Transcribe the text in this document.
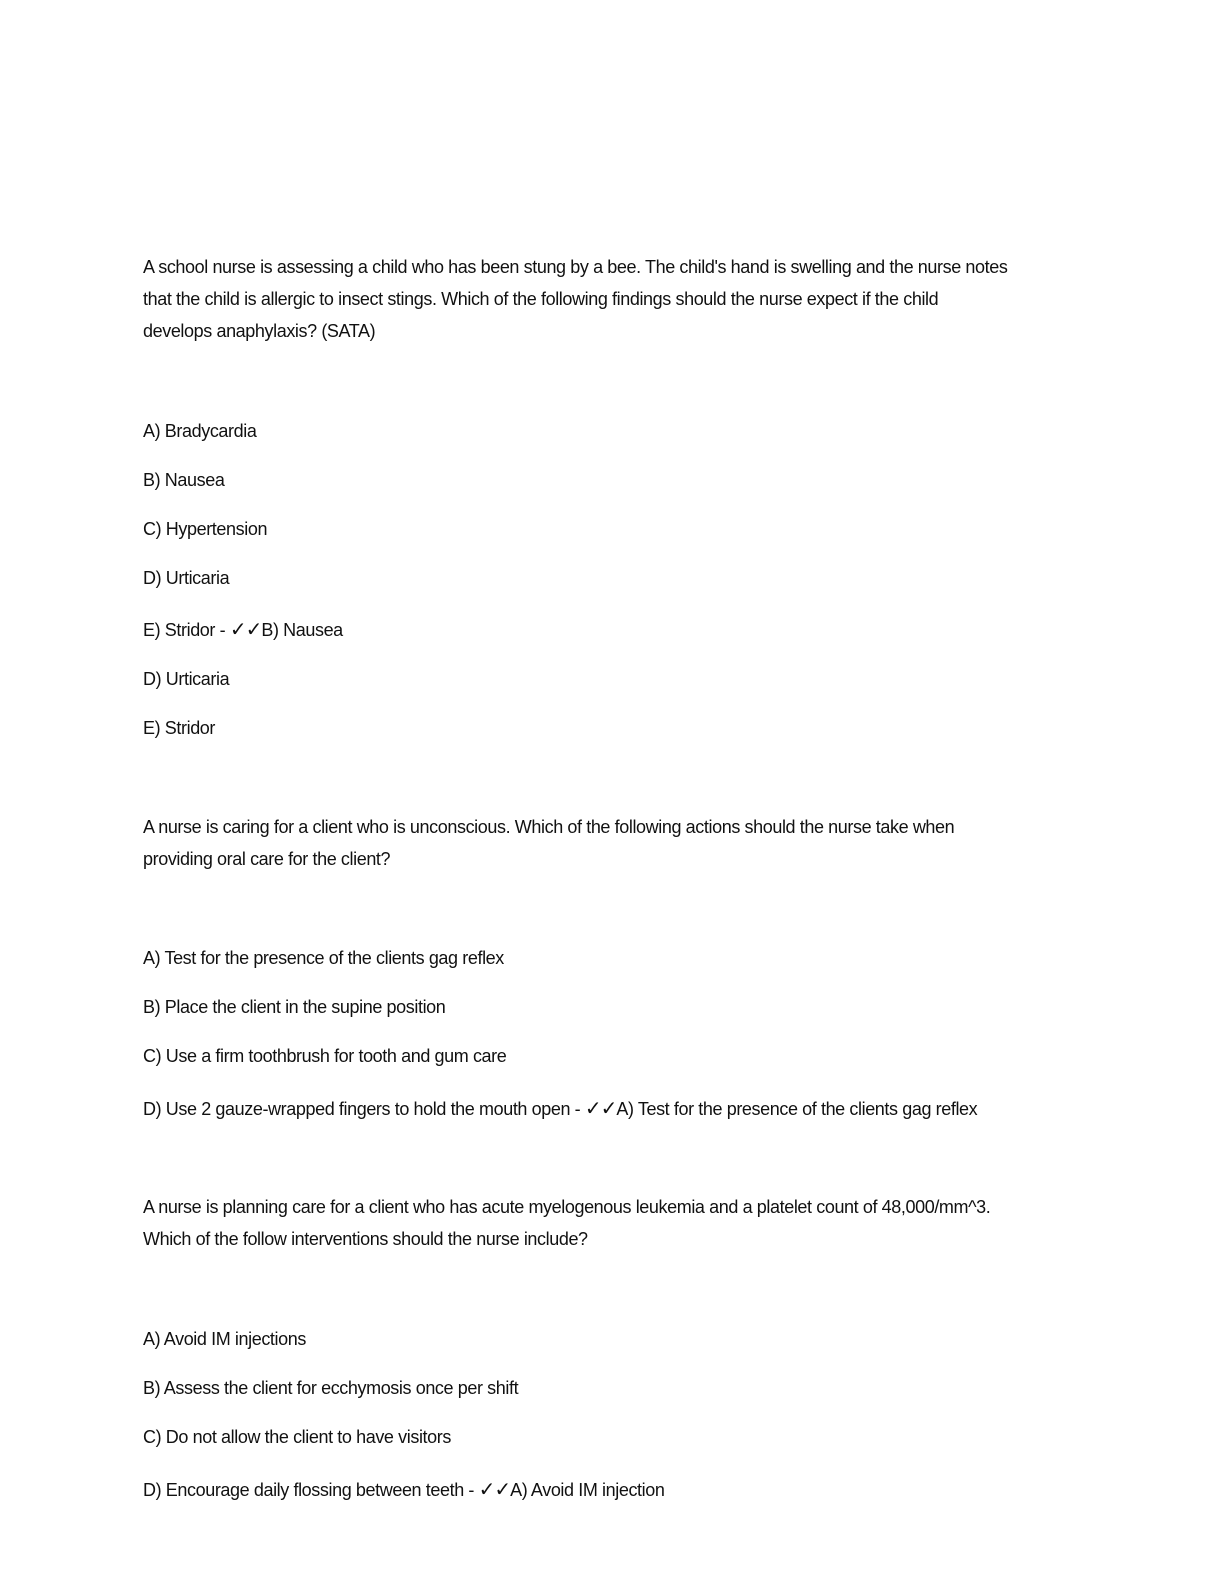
A school nurse is assessing a child who has been stung by a bee. The child's hand is swelling and the nurse notes
that the child is allergic to insect stings. Which of the following findings should the nurse expect if the child
develops anaphylaxis? (SATA)
A) Bradycardia
B) Nausea
C) Hypertension
D) Urticaria
E) Stridor - ✓✓B) Nausea
D) Urticaria
E) Stridor
A nurse is caring for a client who is unconscious. Which of the following actions should the nurse take when
providing oral care for the client?
A) Test for the presence of the clients gag reflex
B) Place the client in the supine position
C) Use a firm toothbrush for tooth and gum care
D) Use 2 gauze-wrapped fingers to hold the mouth open - ✓✓A) Test for the presence of the clients gag reflex
A nurse is planning care for a client who has acute myelogenous leukemia and a platelet count of 48,000/mm^3.
Which of the follow interventions should the nurse include?
A) Avoid IM injections
B) Assess the client for ecchymosis once per shift
C) Do not allow the client to have visitors
D) Encourage daily flossing between teeth - ✓✓A) Avoid IM injection
